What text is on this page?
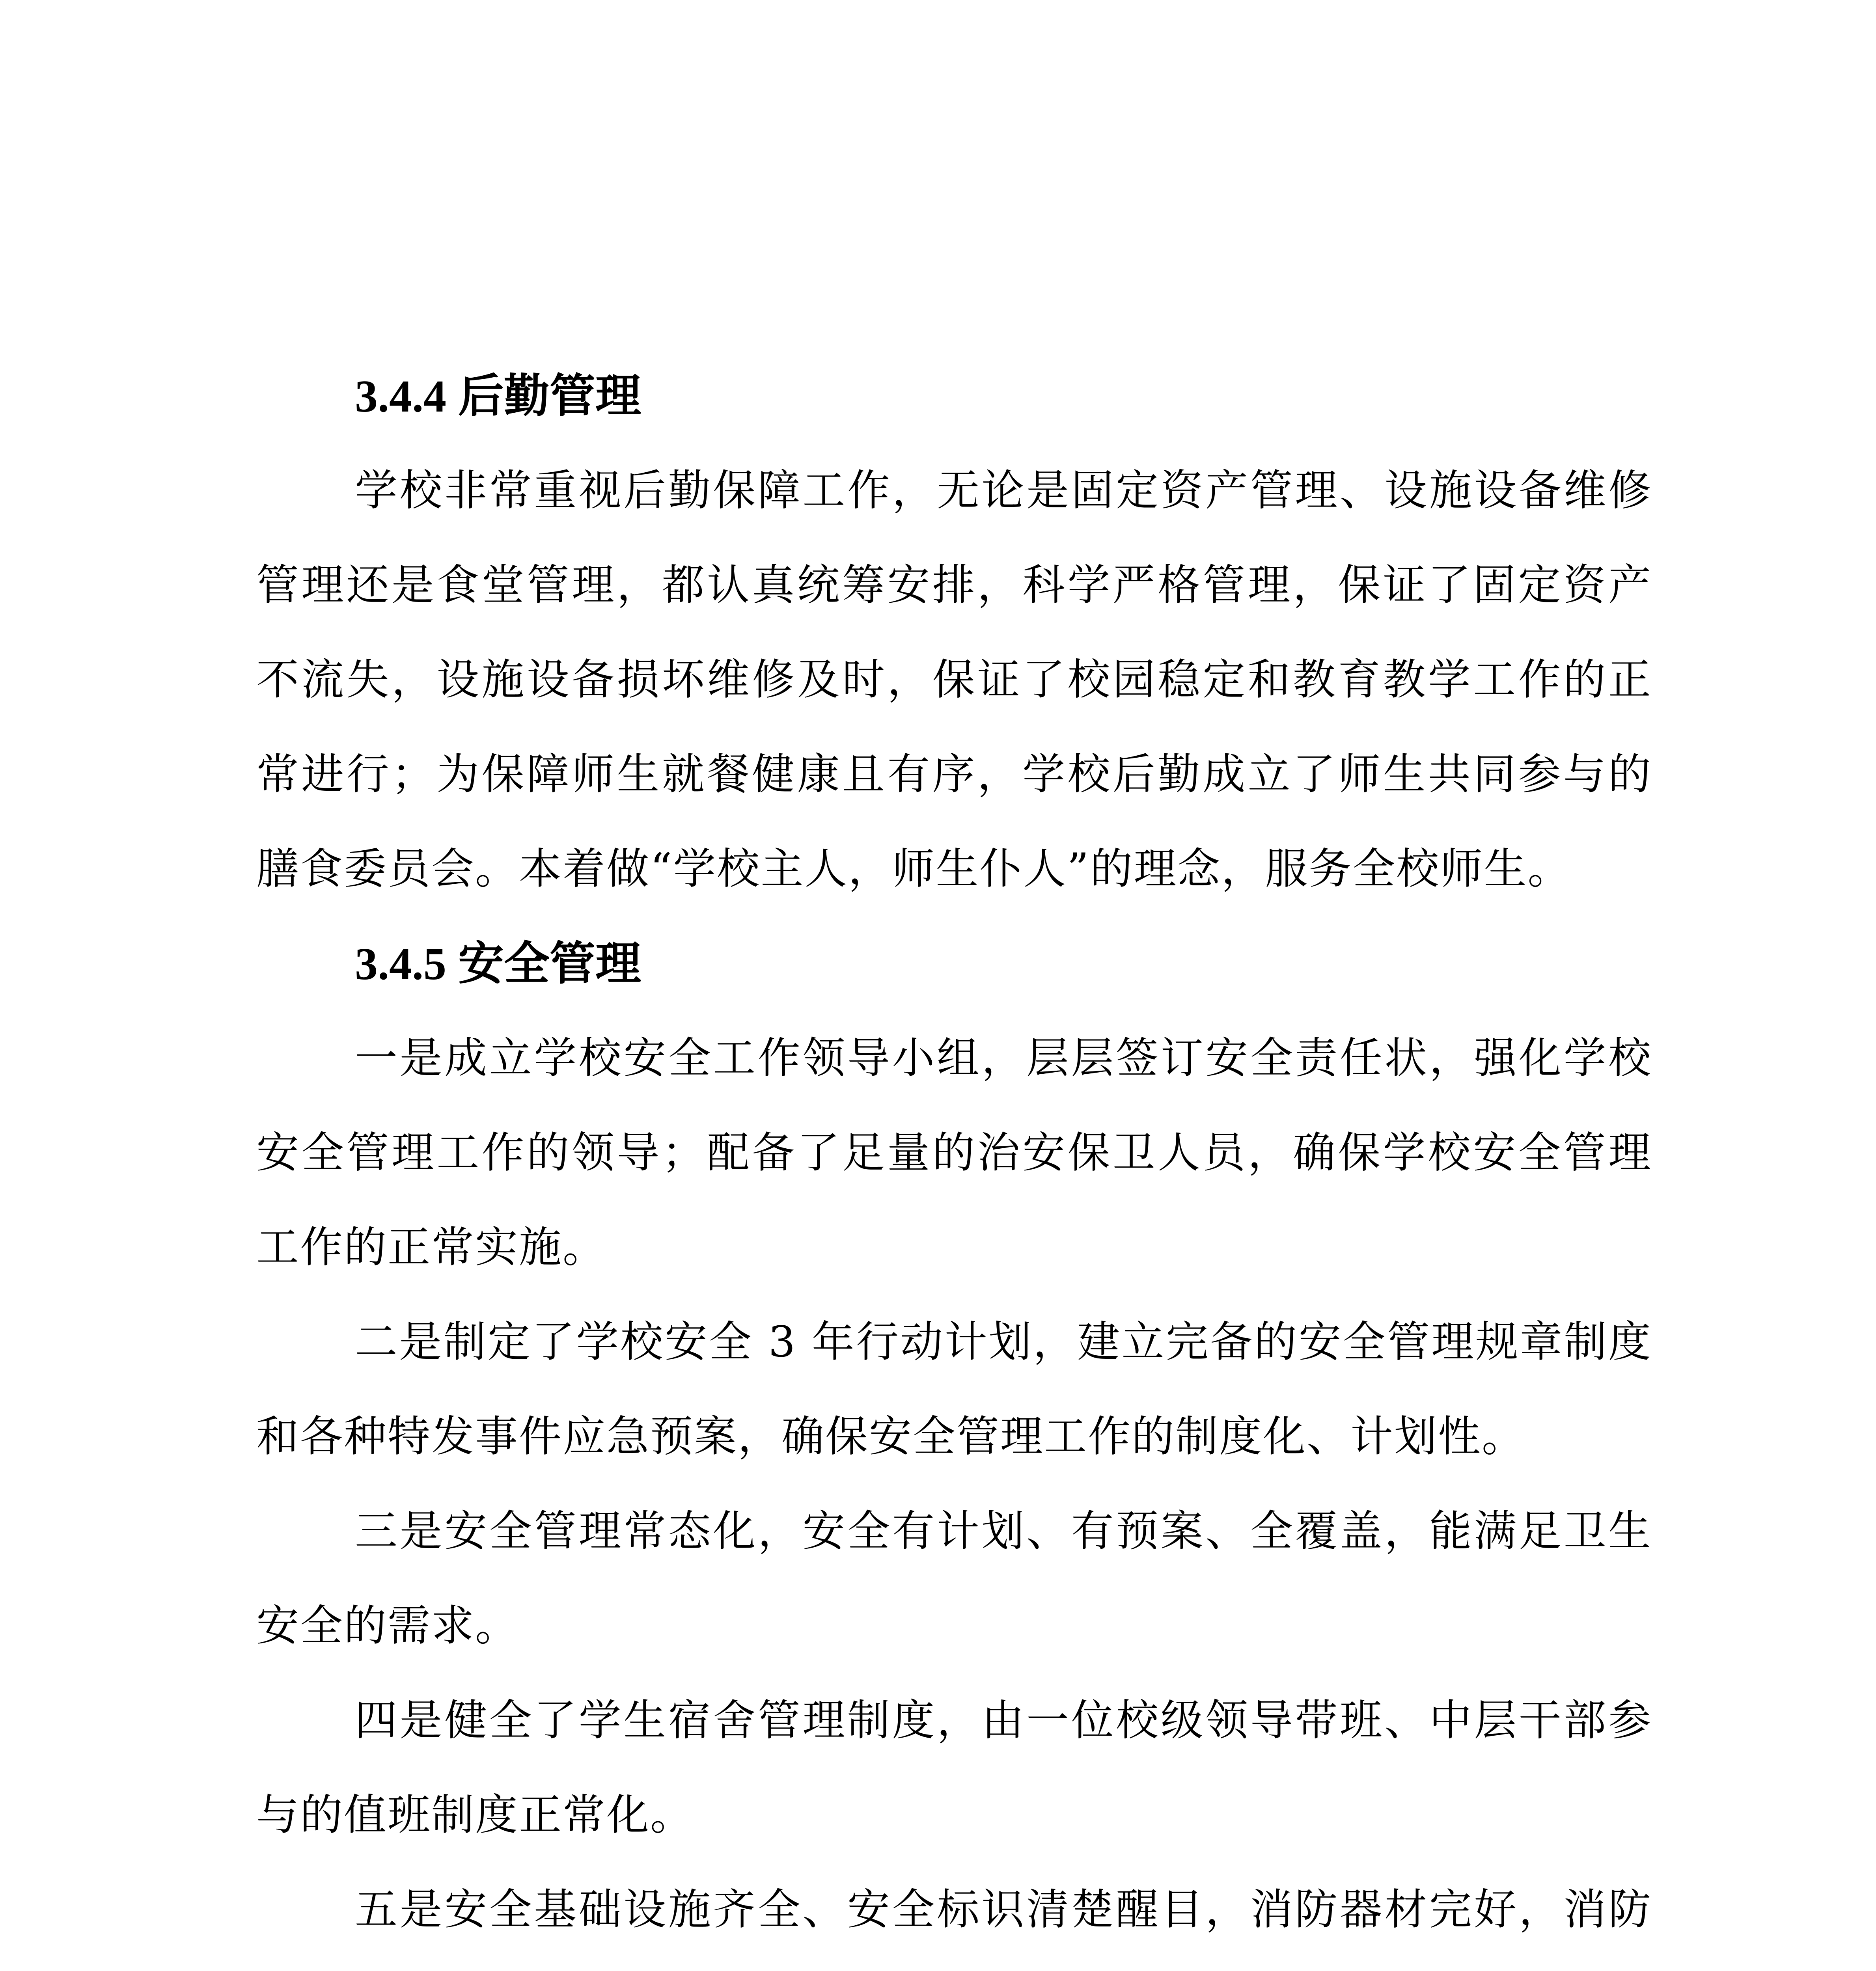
3.4.4 后勤管理

学校非常重视后勤保障工作，无论是固定资产管理、设施设备维修管理还是食堂管理，都认真统筹安排，科学严格管理，保证了固定资产不流失，设施设备损坏维修及时，保证了校园稳定和教育教学工作的正常进行；为保障师生就餐健康且有序，学校后勤成立了师生共同参与的膳食委员会。本着做“学校主人，师生仆人”的理念，服务全校师生。

3.4.5 安全管理

一是成立学校安全工作领导小组，层层签订安全责任状，强化学校安全管理工作的领导；配备了足量的治安保卫人员，确保学校安全管理工作的正常实施。

二是制定了学校安全 3 年行动计划，建立完备的安全管理规章制度和各种特发事件应急预案，确保安全管理工作的制度化、计划性。

三是安全管理常态化，安全有计划、有预案、全覆盖，能满足卫生安全的需求。

四是健全了学生宿舍管理制度，由一位校级领导带班、中层干部参与的值班制度正常化。

五是安全基础设施齐全、安全标识清楚醒目，消防器材完好，消防
